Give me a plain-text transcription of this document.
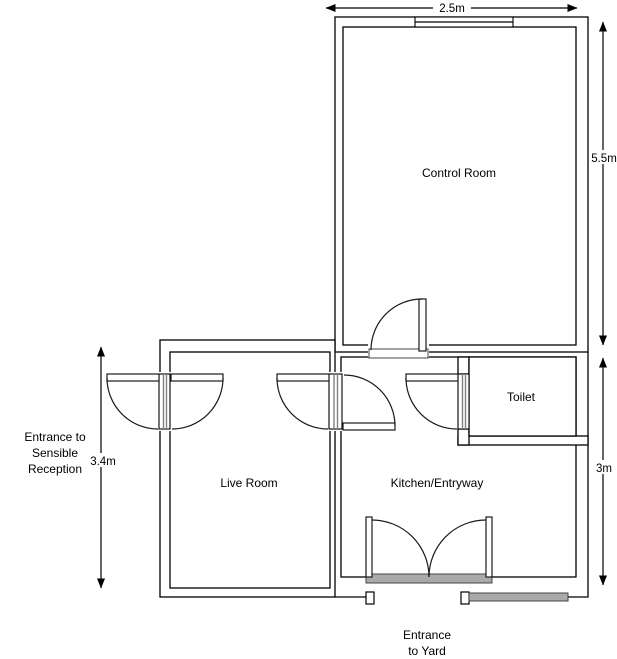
2.5m
5.5m
3m
3.4m
Control Room
Live Room	Kitchen/Entryway
Toilet
Entrance to
Sensible
Reception
Entrance
to Yard
